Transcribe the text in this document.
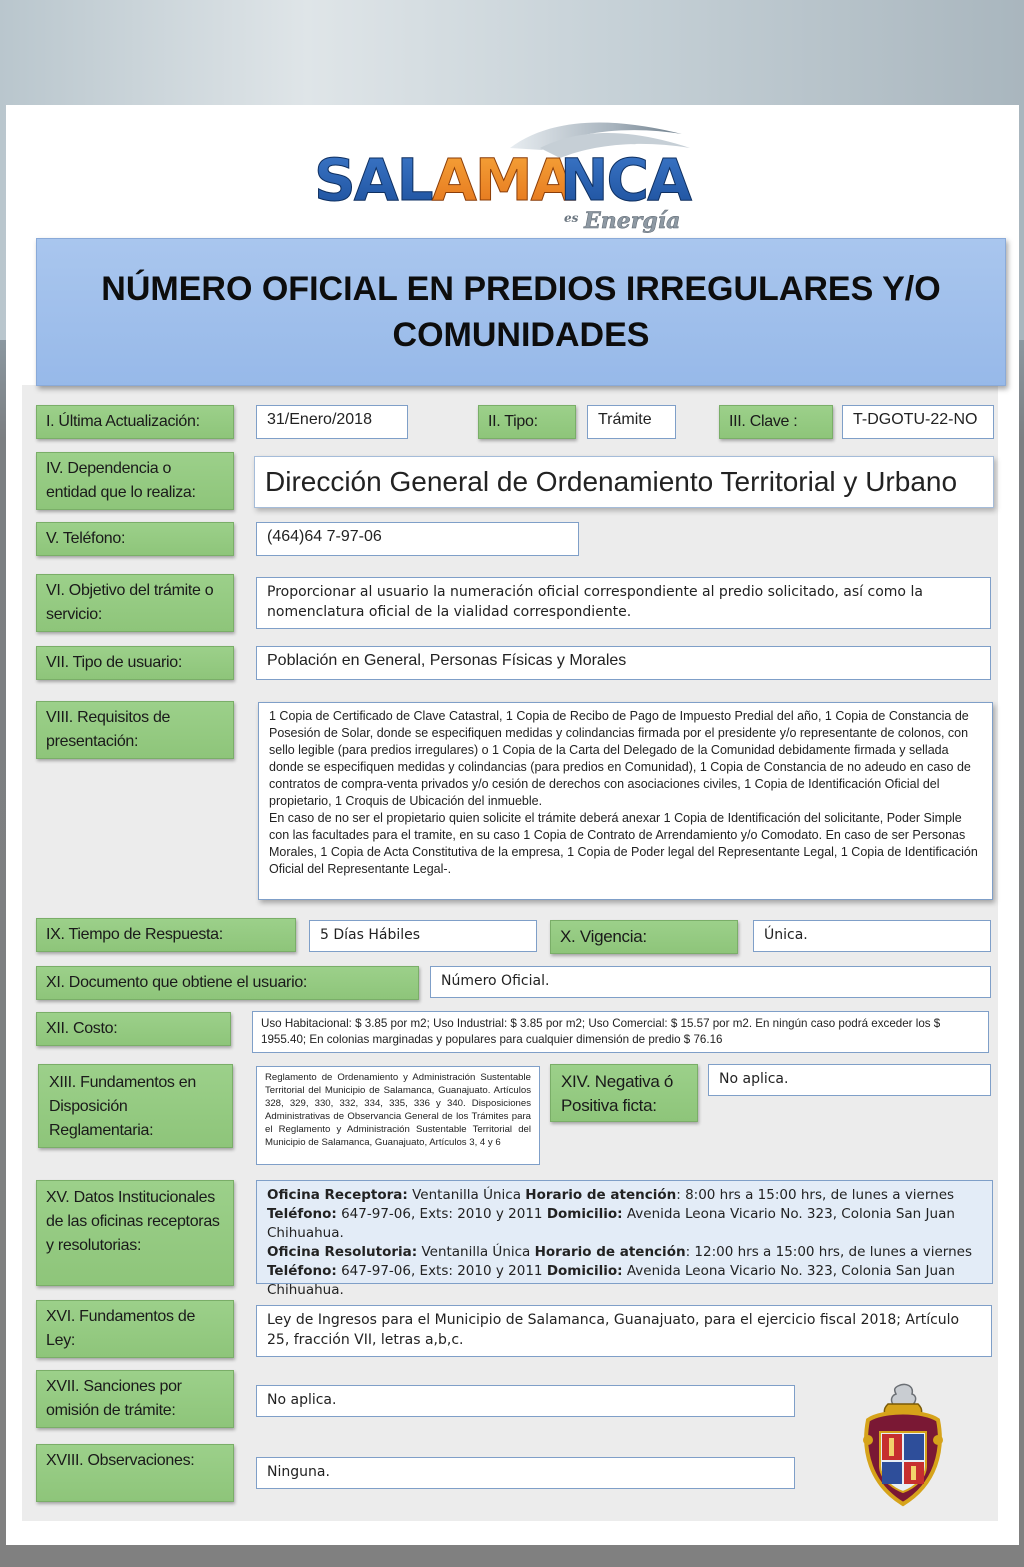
SAL AMA
NCA
es Energía
NÚMERO OFICIAL EN PREDIOS IRREGULARES Y/O COMUNIDADES
I. Última Actualización:	31/Enero/2018	II. Tipo:	Trámite	III. Clave :	T-DGOTU-22-NO
IV. Dependencia o entidad que lo realiza:	Dirección General de Ordenamiento Territorial y Urbano
V. Teléfono:	(464)64 7-97-06
VI. Objetivo del trámite o servicio:
Proporcionar al usuario la numeración oficial correspondiente al predio solicitado, así como la nomenclatura oficial de la vialidad correspondiente.
VII. Tipo de usuario:	Población en General, Personas Físicas y Morales
VIII. Requisitos de presentación:
1 Copia de Certificado de Clave Catastral, 1 Copia de Recibo de Pago de Impuesto Predial del año, 1 Copia de Constancia de Posesión de Solar, donde se especifiquen medidas y colindancias firmada por el presidente y/o representante de colonos, con sello legible (para predios irregulares) o 1 Copia de la Carta del Delegado de la Comunidad debidamente firmada y sellada donde se especifiquen medidas y colindancias (para predios en Comunidad), 1 Copia de Constancia de no adeudo en caso de contratos de compra-venta privados y/o cesión de derechos con asociaciones civiles, 1 Copia de Identificación Oficial del propietario, 1 Croquis de Ubicación del inmueble.
En caso de no ser el propietario quien solicite el trámite deberá anexar 1 Copia de Identificación del solicitante, Poder Simple con las facultades para el tramite, en su caso 1 Copia de Contrato de Arrendamiento y/o Comodato. En caso de ser Personas Morales, 1 Copia de Acta Constitutiva de la empresa, 1 Copia de Poder legal del Representante Legal, 1 Copia de Identificación Oficial del Representante Legal-.
IX. Tiempo de Respuesta:	5 Días Hábiles	X. Vigencia:	Única.
XI. Documento que obtiene el usuario:	Número Oficial.
XII. Costo:	Uso Habitacional: $ 3.85 por m2; Uso Industrial: $ 3.85 por m2; Uso Comercial: $ 15.57 por m2. En ningún caso podrá exceder los $ 1955.40; En colonias marginadas y populares para cualquier dimensión de predio $ 76.16
XIII. Fundamentos en Disposición Reglamentaria:
Reglamento de Ordenamiento y Administración Sustentable Territorial del Municipio de Salamanca, Guanajuato. Artículos 328, 329, 330, 332, 334, 335, 336 y 340. Disposiciones Administrativas de Observancia General de los Trámites para el Reglamento y Administración Sustentable Territorial del Municipio de Salamanca, Guanajuato, Artículos 3, 4 y 6
XIV. Negativa ó Positiva ficta:
No aplica.
XV. Datos Institucionales de las oficinas receptoras y resolutorias:
Oficina Receptora: Ventanilla Única Horario de atención: 8:00 hrs a 15:00 hrs, de lunes a viernes Teléfono: 647-97-06, Exts: 2010 y 2011 Domicilio: Avenida Leona Vicario No. 323, Colonia San Juan Chihuahua.
Oficina Resolutoria: Ventanilla Única Horario de atención: 12:00 hrs a 15:00 hrs, de lunes a viernes Teléfono: 647-97-06, Exts: 2010 y 2011 Domicilio: Avenida Leona Vicario No. 323, Colonia San Juan Chihuahua.
XVI. Fundamentos de Ley:
Ley de Ingresos para el Municipio de Salamanca, Guanajuato, para el ejercicio fiscal 2018; Artículo 25, fracción VII, letras a,b,c.
XVII. Sanciones por omisión de trámite:
No aplica.
XVIII. Observaciones:
Ninguna.
